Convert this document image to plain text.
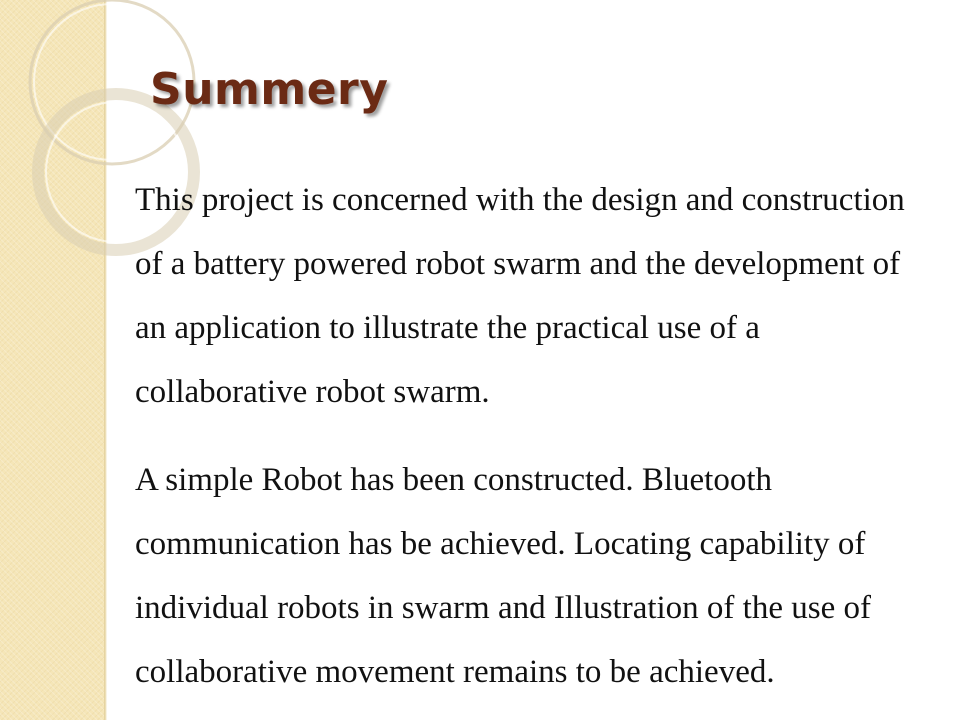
Summery

This project is concerned with the design and construction of a battery powered robot swarm and the development of an application to illustrate the practical use of a collaborative robot swarm.

A simple Robot has been constructed. Bluetooth communication has be achieved. Locating capability of individual robots in swarm and Illustration of the use of collaborative movement remains to be achieved.
